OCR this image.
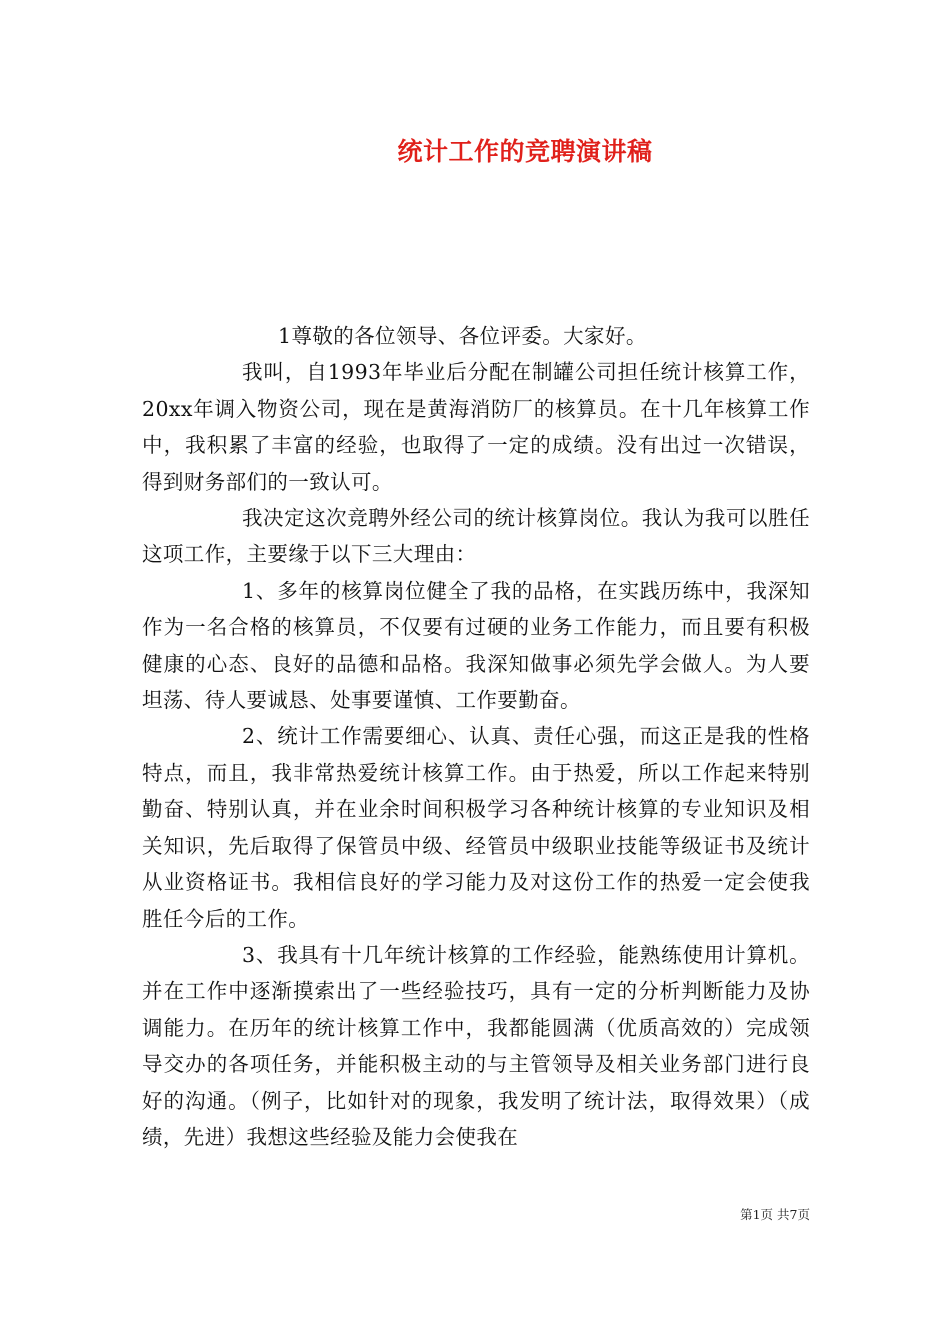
统计工作的竞聘演讲稿

1尊敬的各位领导、各位评委。大家好。

我叫，自1993年毕业后分配在制罐公司担任统计核算工作，20xx年调入物资公司，现在是黄海消防厂的核算员。在十几年核算工作中，我积累了丰富的经验，也取得了一定的成绩。没有出过一次错误，得到财务部们的一致认可。

我决定这次竞聘外经公司的统计核算岗位。我认为我可以胜任这项工作，主要缘于以下三大理由：

1、多年的核算岗位健全了我的品格，在实践历练中，我深知作为一名合格的核算员，不仅要有过硬的业务工作能力，而且要有积极健康的心态、良好的品德和品格。我深知做事必须先学会做人。为人要坦荡、待人要诚恳、处事要谨慎、工作要勤奋。

2、统计工作需要细心、认真、责任心强，而这正是我的性格特点，而且，我非常热爱统计核算工作。由于热爱，所以工作起来特别勤奋、特别认真，并在业余时间积极学习各种统计核算的专业知识及相关知识，先后取得了保管员中级、经管员中级职业技能等级证书及统计从业资格证书。我相信良好的学习能力及对这份工作的热爱一定会使我胜任今后的工作。

3、我具有十几年统计核算的工作经验，能熟练使用计算机。并在工作中逐渐摸索出了一些经验技巧，具有一定的分析判断能力及协调能力。在历年的统计核算工作中，我都能圆满（优质高效的）完成领导交办的各项任务，并能积极主动的与主管领导及相关业务部门进行良好的沟通。（例子，比如针对的现象，我发明了统计法，取得效果）（成绩，先进）我想这些经验及能力会使我在

第1页 共7页
